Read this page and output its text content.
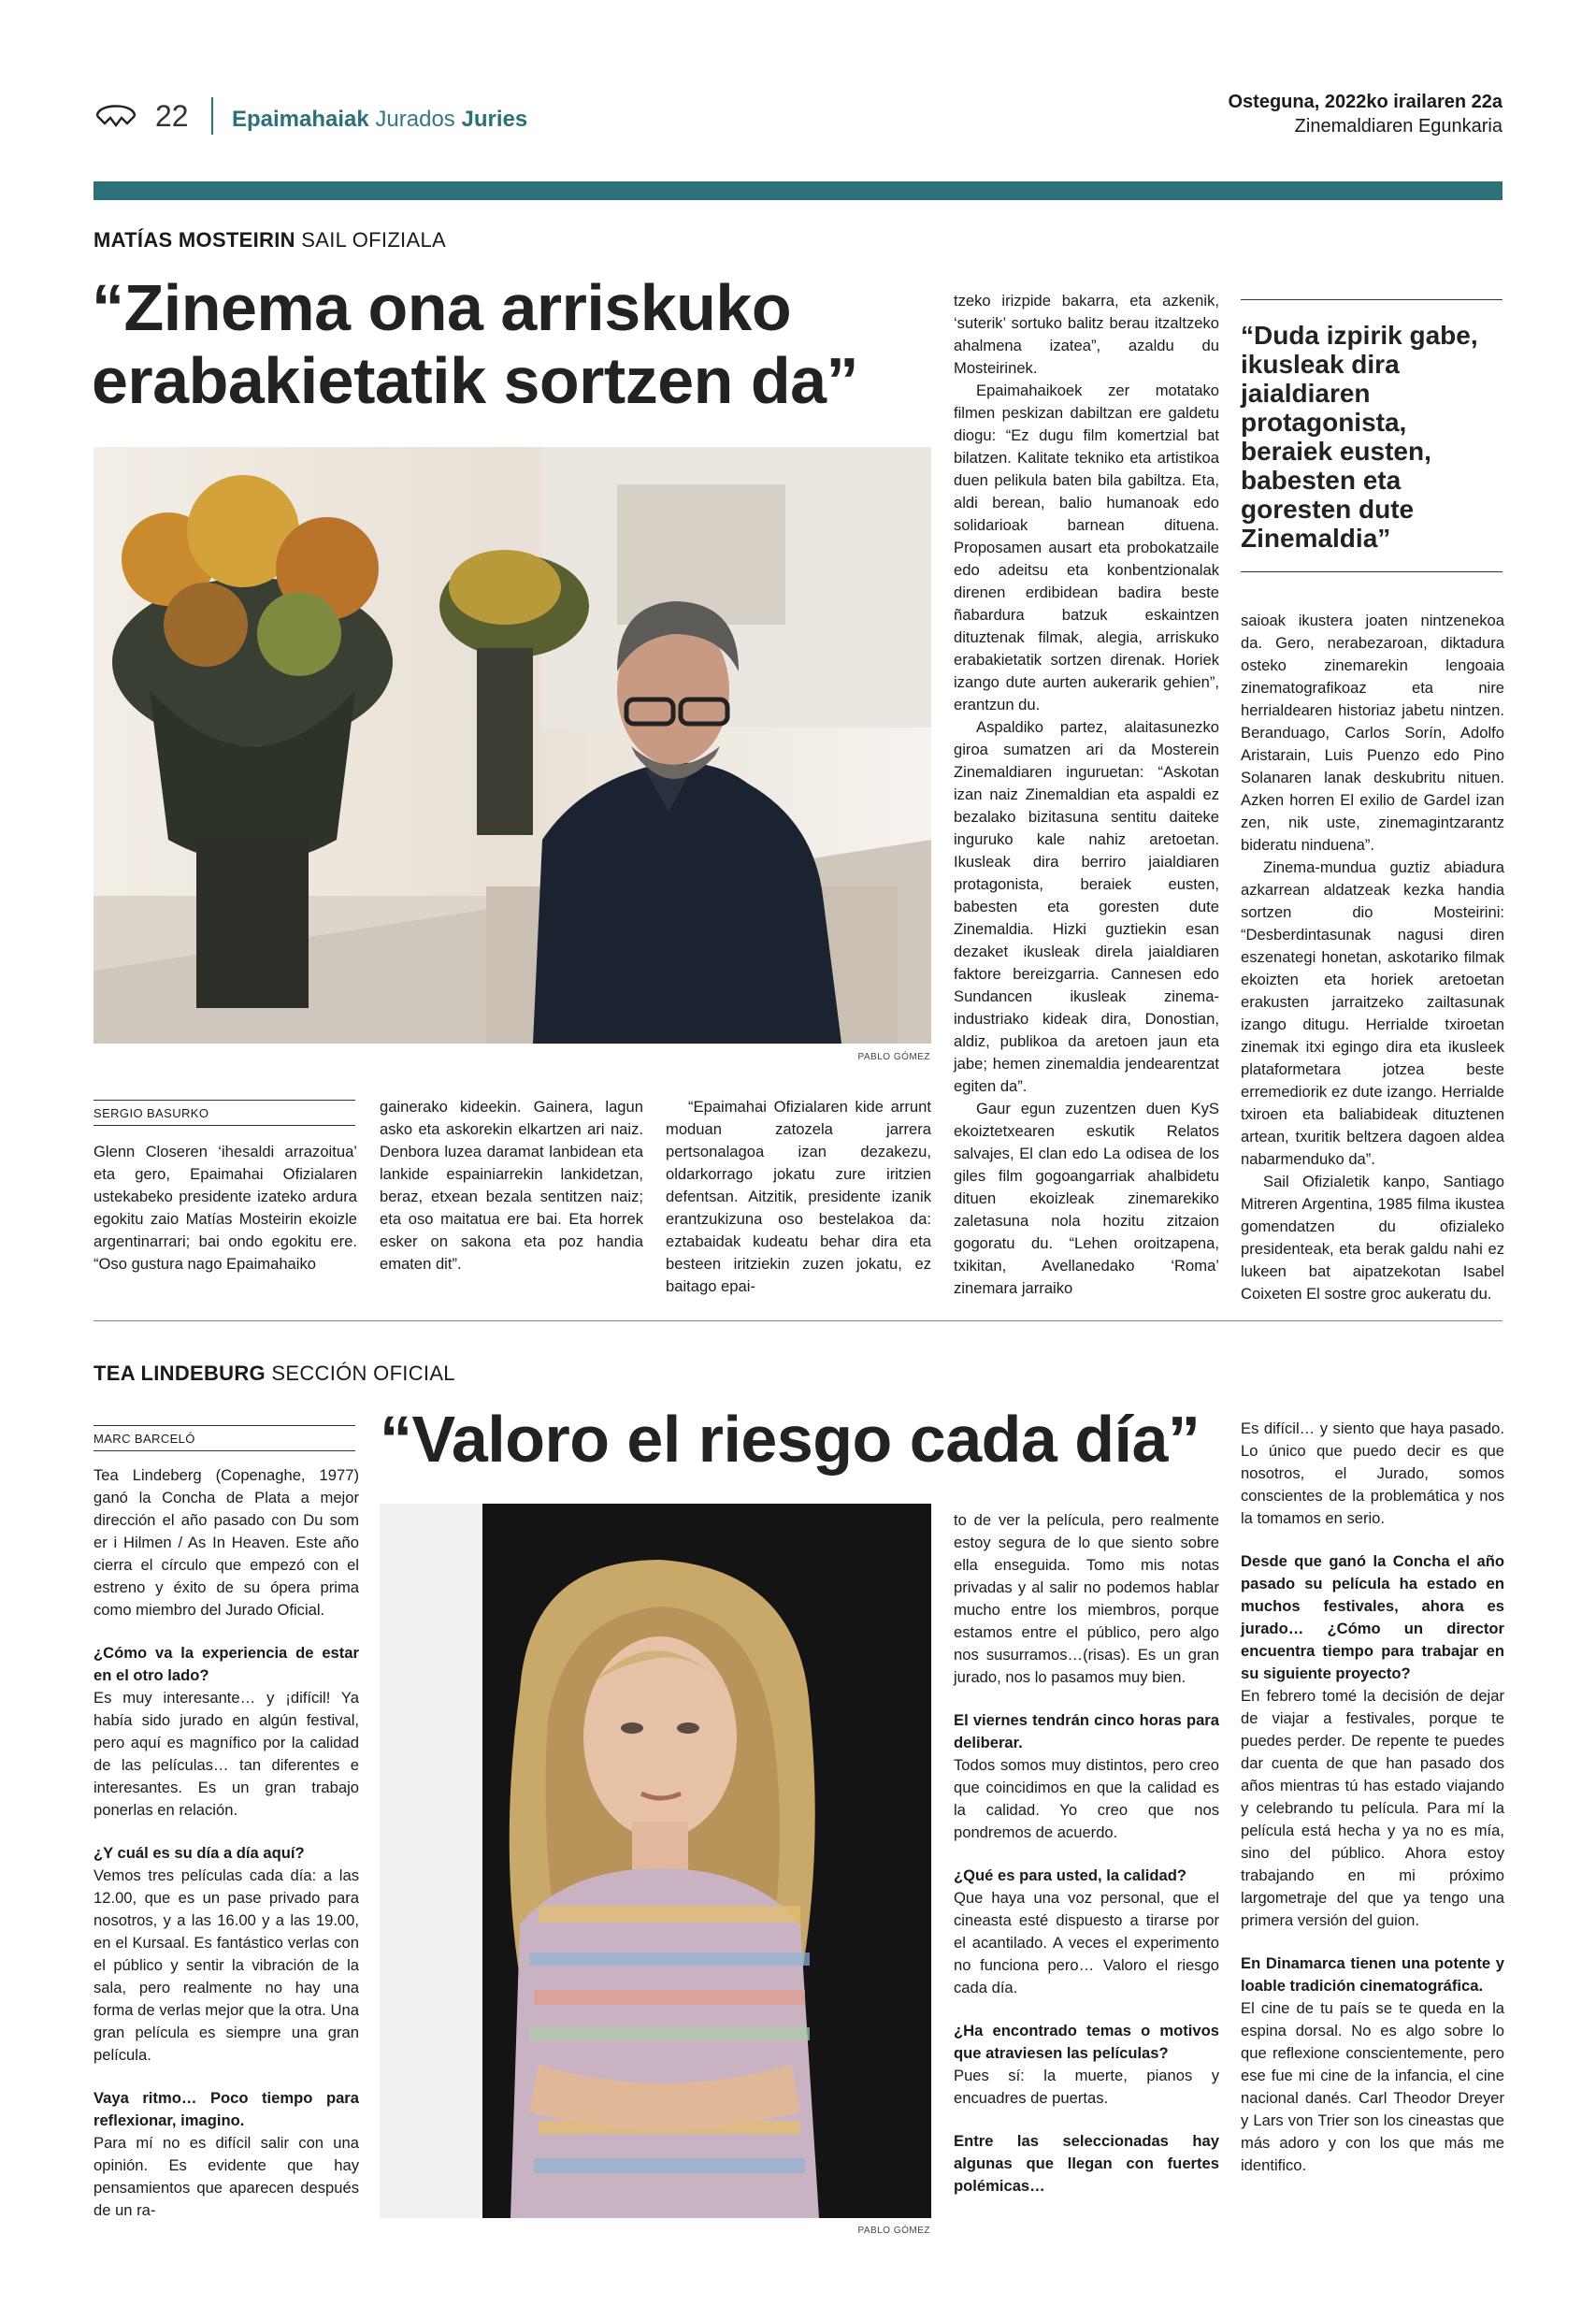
22 Epaimahaiak Jurados Juries
Osteguna, 2022ko irailaren 22a
Zinemaldiaren Egunkaria
MATÍAS MOSTEIRIN SAIL OFIZIALA
“Zinema ona arriskuko
erabakietatik sortzen da”
PABLO GÓMEZ
“Duda izpirik gabe, ikusleak dira jaialdiaren protagonista, beraiek eusten, babesten eta goresten dute Zinemaldia”
SERGIO BASURKO

Glenn Closeren ‘ihesaldi arrazoitua’ eta gero, Epaimahai Ofizialaren ustekabeko presidente izateko ardura egokitu zaio Matías Mosteirin ekoizle argentinarrari; bai ondo egokitu ere. “Oso gustura nago Epaimahaiko

gainerako kideekin. Gainera, lagun asko eta askorekin elkartzen ari naiz. Denbora luzea daramat lanbidean eta lankide espainiarrekin lankidetzan, beraz, etxean bezala sentitzen naiz; eta oso maitatua ere bai. Eta horrek esker on sakona eta poz handia ematen dit”.

“Epaimahai Ofizialaren kide arrunt moduan zatozela jarrera pertsonalagoa izan dezakezu, oldarkorrago jokatu zure iritzien defentsan. Aitzitik, presidente izanik erantzukizuna oso bestelakoa da: eztabaidak kudeatu behar dira eta besteen iritziekin zuzen jokatu, ez baitago epai-

tzeko irizpide bakarra, eta azkenik, ‘suterik’ sortuko balitz berau itzaltzeko ahalmena izatea”, azaldu du Mosteirinek.

Epaimahaikoek zer motatako filmen peskizan dabiltzan ere galdetu diogu: “Ez dugu film komertzial bat bilatzen. Kalitate tekniko eta artistikoa duen pelikula baten bila gabiltza. Eta, aldi berean, balio humanoak edo solidarioak barnean dituena. Proposamen ausart eta probokatzaile edo adeitsu eta konbentzionalak direnen erdibidean badira beste ñabardura batzuk eskaintzen dituztenak filmak, alegia, arriskuko erabakietatik sortzen direnak. Horiek izango dute aurten aukerarik gehien”, erantzun du.

Aspaldiko partez, alaitasunezko giroa sumatzen ari da Mosterein Zinemaldiaren inguruetan: “Askotan izan naiz Zinemaldian eta aspaldi ez bezalako bizitasuna sentitu daiteke inguruko kale nahiz aretoetan. Ikusleak dira berriro jaialdiaren protagonista, beraiek eusten, babesten eta goresten dute Zinemaldia. Hizki guztiekin esan dezaket ikusleak direla jaialdiaren faktore bereizgarria. Cannesen edo Sundancen ikusleak zinema-industriako kideak dira, Donostian, aldiz, publikoa da aretoen jaun eta jabe; hemen zinemaldia jendearentzat egiten da”.

Gaur egun zuzentzen duen KyS ekoiztetxearen eskutik Relatos salvajes, El clan edo La odisea de los giles film gogoangarriak ahalbidetu dituen ekoizleak zinemarekiko zaletasuna nola hozitu zitzaion gogoratu du. “Lehen oroitzapena, txikitan, Avellanedako ‘Roma’ zinemara jarraiko

saioak ikustera joaten nintzenekoa da. Gero, nerabezaroan, diktadura osteko zinemarekin lengoaia zinematografikoaz eta nire herrialdearen historiaz jabetu nintzen. Beranduago, Carlos Sorín, Adolfo Aristarain, Luis Puenzo edo Pino Solanaren lanak deskubritu nituen. Azken horren El exilio de Gardel izan zen, nik uste, zinemagintzarantz bideratu ninduena”.

Zinema-mundua guztiz abiadura azkarrean aldatzeak kezka handia sortzen dio Mosteirini: “Desberdintasunak nagusi diren eszenategi honetan, askotariko filmak ekoizten eta horiek aretoetan erakusten jarraitzeko zailtasunak izango ditugu. Herrialde txiroetan zinemak itxi egingo dira eta ikusleek plataformetara jotzea beste erremediorik ez dute izango. Herrialde txiroen eta baliabideak dituztenen artean, txuritik beltzera dagoen aldea nabarmenduko da”.

Sail Ofizialetik kanpo, Santiago Mitreren Argentina, 1985 filma ikustea gomendatzen du ofizialeko presidenteak, eta berak galdu nahi ez lukeen bat aipatzekotan Isabel Coixeten El sostre groc aukeratu du.

TEA LINDEBURG SECCIÓN OFICIAL
“Valoro el riesgo cada día”
MARC BARCELÓ
PABLO GÓMEZ

Tea Lindeberg (Copenaghe, 1977) ganó la Concha de Plata a mejor dirección el año pasado con Du som er i Hilmen / As In Heaven. Este año cierra el círculo que empezó con el estreno y éxito de su ópera prima como miembro del Jurado Oficial.

¿Cómo va la experiencia de estar en el otro lado?

Es muy interesante… y ¡difícil! Ya había sido jurado en algún festival, pero aquí es magnífico por la calidad de las películas… tan diferentes e interesantes. Es un gran trabajo ponerlas en relación.

¿Y cuál es su día a día aquí?

Vemos tres películas cada día: a las 12.00, que es un pase privado para nosotros, y a las 16.00 y a las 19.00, en el Kursaal. Es fantástico verlas con el público y sentir la vibración de la sala, pero realmente no hay una forma de verlas mejor que la otra. Una gran película es siempre una gran película.

Vaya ritmo… Poco tiempo para reflexionar, imagino.

Para mí no es difícil salir con una opinión. Es evidente que hay pensamientos que aparecen después de un ra-

to de ver la película, pero realmente estoy segura de lo que siento sobre ella enseguida. Tomo mis notas privadas y al salir no podemos hablar mucho entre los miembros, porque estamos entre el público, pero algo nos susurramos…(risas). Es un gran jurado, nos lo pasamos muy bien.

El viernes tendrán cinco horas para deliberar.

Todos somos muy distintos, pero creo que coincidimos en que la calidad es la calidad. Yo creo que nos pondremos de acuerdo.

¿Qué es para usted, la calidad?

Que haya una voz personal, que el cineasta esté dispuesto a tirarse por el acantilado. A veces el experimento no funciona pero… Valoro el riesgo cada día.

¿Ha encontrado temas o motivos que atraviesen las películas?

Pues sí: la muerte, pianos y encuadres de puertas.

Entre las seleccionadas hay algunas que llegan con fuertes polémicas…

Es difícil… y siento que haya pasado. Lo único que puedo decir es que nosotros, el Jurado, somos conscientes de la problemática y nos la tomamos en serio.

Desde que ganó la Concha el año pasado su película ha estado en muchos festivales, ahora es jurado… ¿Cómo un director encuentra tiempo para trabajar en su siguiente proyecto?

En febrero tomé la decisión de dejar de viajar a festivales, porque te puedes perder. De repente te puedes dar cuenta de que han pasado dos años mientras tú has estado viajando y celebrando tu película. Para mí la película está hecha y ya no es mía, sino del público. Ahora estoy trabajando en mi próximo largometraje del que ya tengo una primera versión del guion.

En Dinamarca tienen una potente y loable tradición cinematográfica.

El cine de tu país se te queda en la espina dorsal. No es algo sobre lo que reflexione conscientemente, pero ese fue mi cine de la infancia, el cine nacional danés. Carl Theodor Dreyer y Lars von Trier son los cineastas que más adoro y con los que más me identifico.
